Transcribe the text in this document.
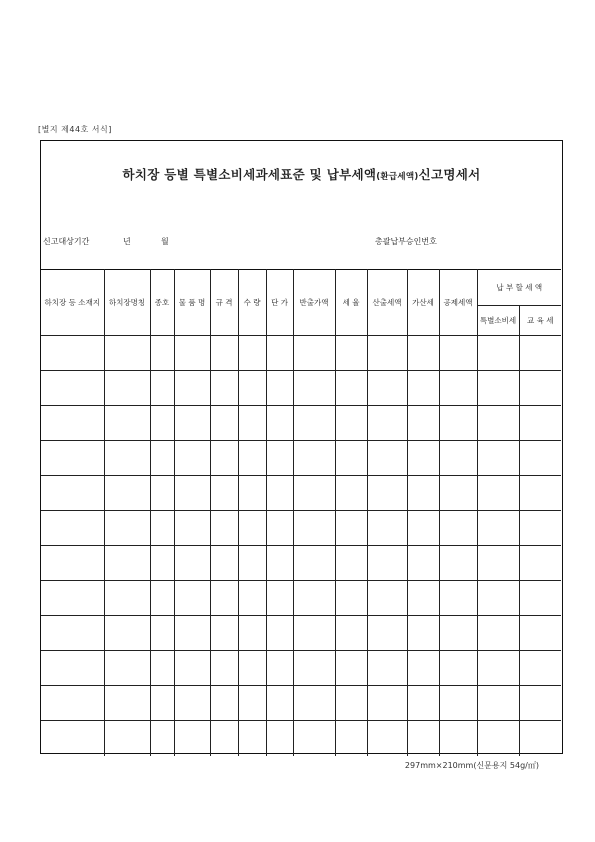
[별지 제44호 서식]
하치장 등별 특별소비세과세표준 및 납부세액(환급세액)신고명세서
신고대상기간	년	월	총괄납부승인번호
하치장 등 소재지	하치장명칭	종호	물 품 명	규 격	수 량	단 가	반출가액	세 율	산출세액	가산세	공제세액	납 부 할 세 액	
												특별소비세	교 육 세

297mm×210mm(신문용지 54g/㎡)
